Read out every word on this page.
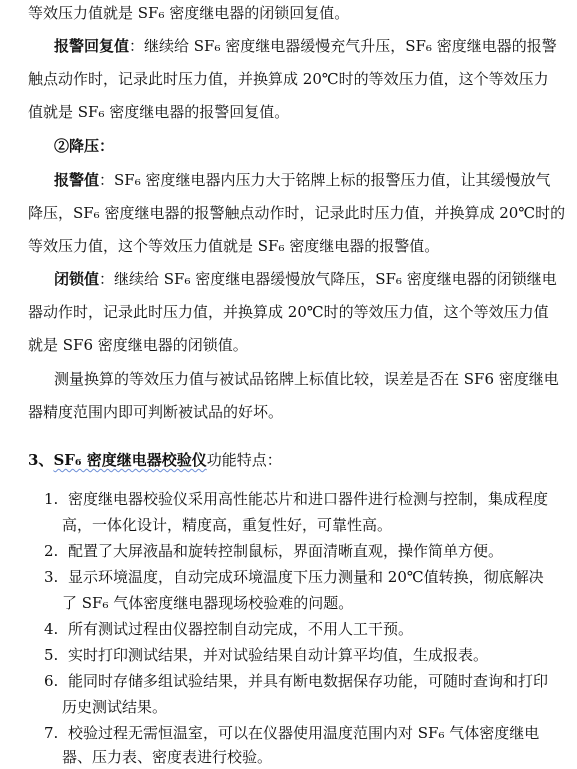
等效压力值就是 SF₆ 密度继电器的闭锁回复值。
报警回复值：继续给 SF₆ 密度继电器缓慢充气升压，SF₆ 密度继电器的报警
触点动作时，记录此时压力值，并换算成 20℃时的等效压力值，这个等效压力
值就是 SF₆ 密度继电器的报警回复值。
②降压：
报警值：SF₆ 密度继电器内压力大于铭牌上标的报警压力值，让其缓慢放气
降压，SF₆ 密度继电器的报警触点动作时，记录此时压力值，并换算成 20℃时的
等效压力值，这个等效压力值就是 SF₆ 密度继电器的报警值。
闭锁值：继续给 SF₆ 密度继电器缓慢放气降压，SF₆ 密度继电器的闭锁继电
器动作时，记录此时压力值，并换算成 20℃时的等效压力值，这个等效压力值
就是 SF6 密度继电器的闭锁值。
测量换算的等效压力值与被试品铭牌上标值比较，误差是否在 SF6 密度继电
器精度范围内即可判断被试品的好坏。
3、SF₆ 密度继电器校验仪功能特点：
1. 密度继电器校验仪采用高性能芯片和进口器件进行检测与控制，集成程度
高，一体化设计，精度高，重复性好，可靠性高。
2. 配置了大屏液晶和旋转控制鼠标，界面清晰直观，操作简单方便。
3. 显示环境温度，自动完成环境温度下压力测量和 20℃值转换，彻底解决
了 SF₆ 气体密度继电器现场校验难的问题。
4. 所有测试过程由仪器控制自动完成，不用人工干预。
5. 实时打印测试结果，并对试验结果自动计算平均值，生成报表。
6. 能同时存储多组试验结果，并具有断电数据保存功能，可随时查询和打印
历史测试结果。
7. 校验过程无需恒温室，可以在仪器使用温度范围内对 SF₆ 气体密度继电
器、压力表、密度表进行校验。
